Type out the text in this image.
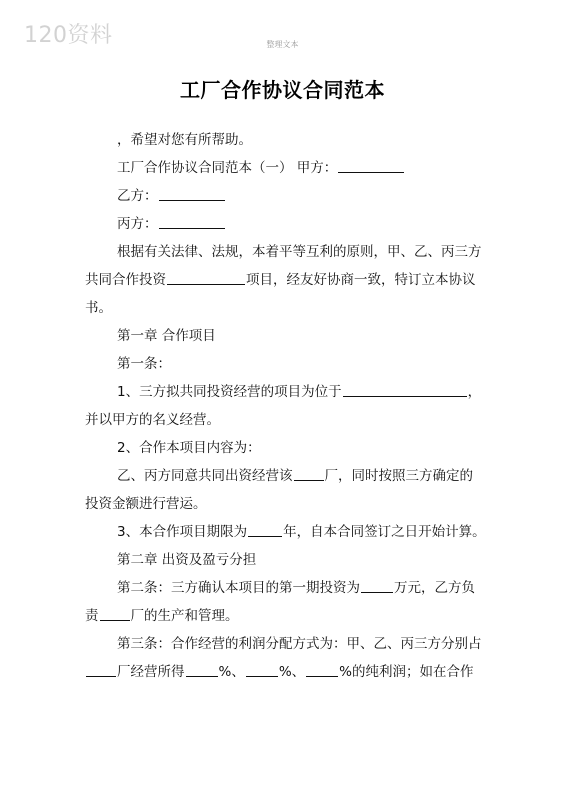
120资料	整理文本
工厂合作协议合同范本

，希望对您有所帮助。

工厂合作协议合同范本（一） 甲方：

乙方：

丙方：

根据有关法律、法规，本着平等互利的原则，甲、乙、丙三方

共同合作投资	项目，经友好协商一致，特订立本协议

书。

第一章 合作项目

第一条：

1、三方拟共同投资经营的项目为位于	，

并以甲方的名义经营。

2、合作本项目内容为：

乙、丙方同意共同出资经营该 厂，同时按照三方确定的

投资金额进行营运。

3、本合作项目期限为	年，自本合同签订之日开始计算。

第二章 出资及盈亏分担

第二条：三方确认本项目的第一期投资为	万元，乙方负

责 厂的生产和管理。

第三条：合作经营的利润分配方式为：甲、乙、丙三方分别占

厂经营所得	%、	%、	%的纯利润；如在合作
